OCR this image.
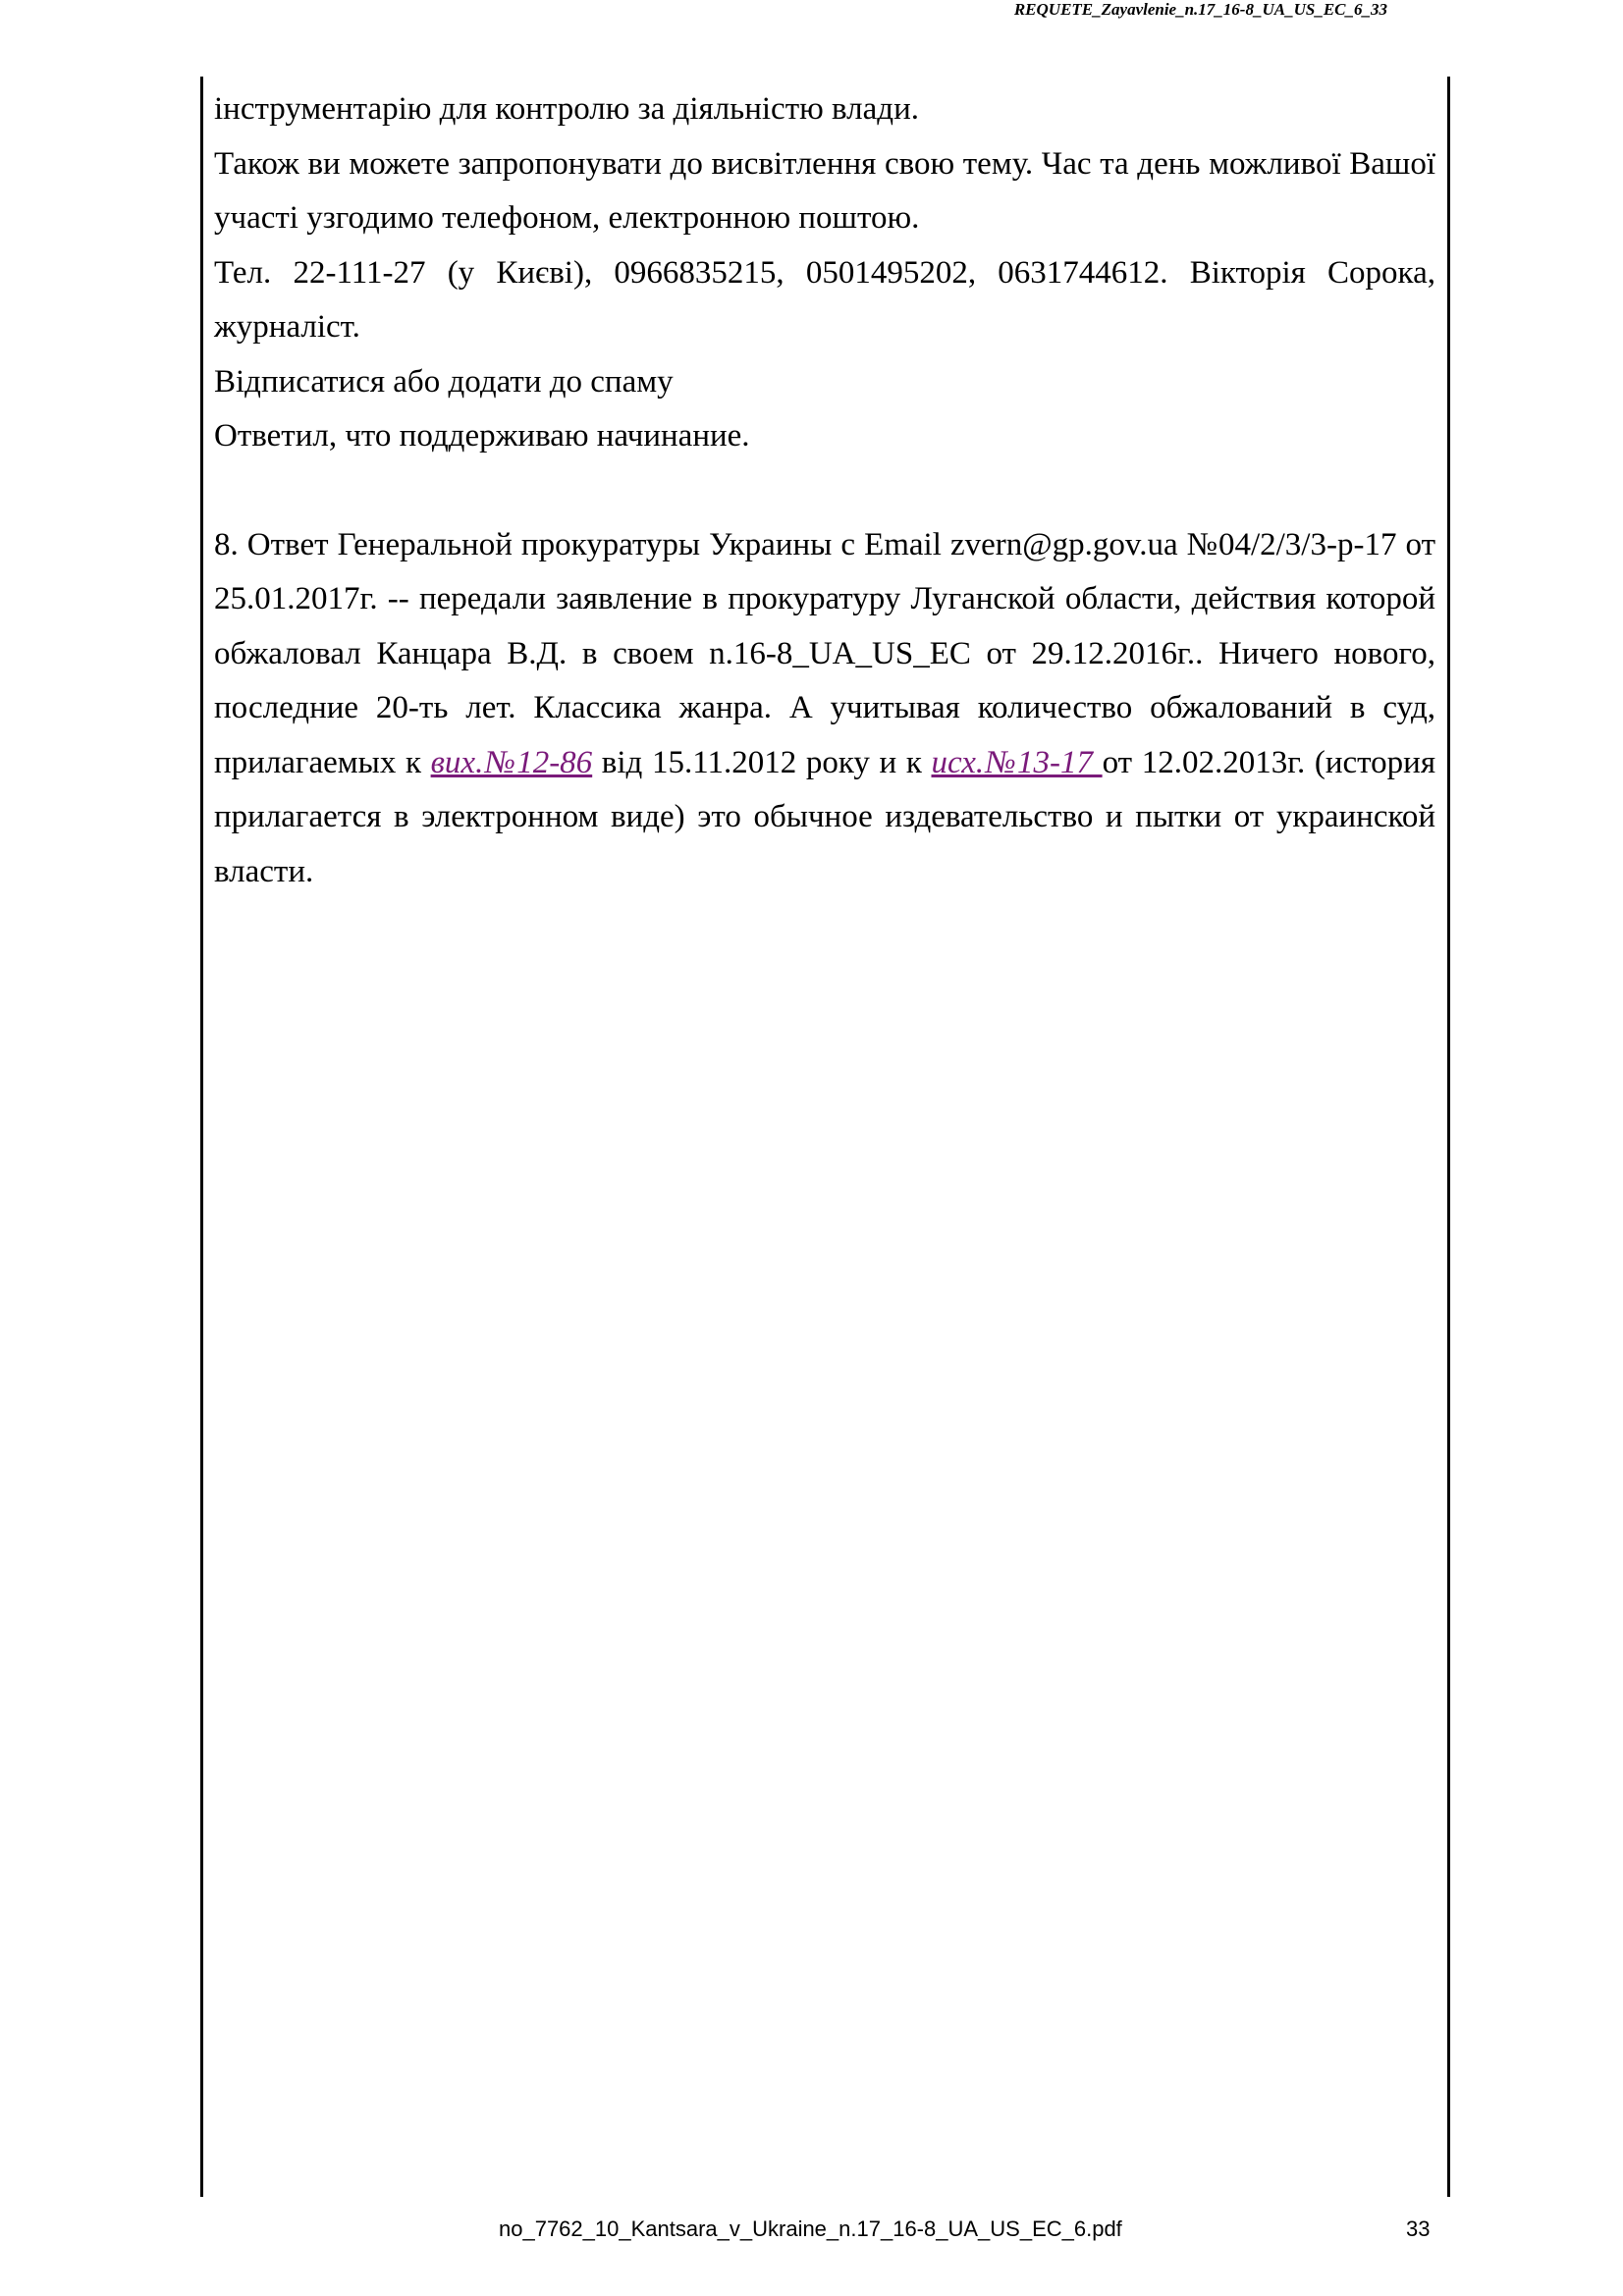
REQUETE_Zayavlenie_n.17_16-8_UA_US_EC_6_33

інструментарію для контролю за діяльністю влади.

Також ви можете запропонувати до висвітлення свою тему. Час та день можливої Вашої участі узгодимо телефоном, електронною поштою.

Тел. 22-111-27 (у Києві), 0966835215, 0501495202, 0631744612. Вікторія Сорока, журналіст.

Відписатися або додати до спаму

Ответил, что поддерживаю начинание.

8. Ответ Генеральной прокуратуры Украины с Email zvern@gp.gov.ua №04/2/3/3-р-17 от 25.01.2017г. -- передали заявление в прокуратуру Луганской области, действия которой обжаловал Канцара В.Д. в своем n.16-8_UA_US_EC от 29.12.2016г.. Ничего нового, последние 20-ть лет. Классика жанра. А учитывая количество обжалований в суд, прилагаемых к вих.№12-86 від 15.11.2012 року и к исх.№13-17 от 12.02.2013г. (история прилагается в электронном виде) это обычное издевательство и пытки от украинской власти.

no_7762_10_Kantsara_v_Ukraine_n.17_16-8_UA_US_EC_6.pdf	33
